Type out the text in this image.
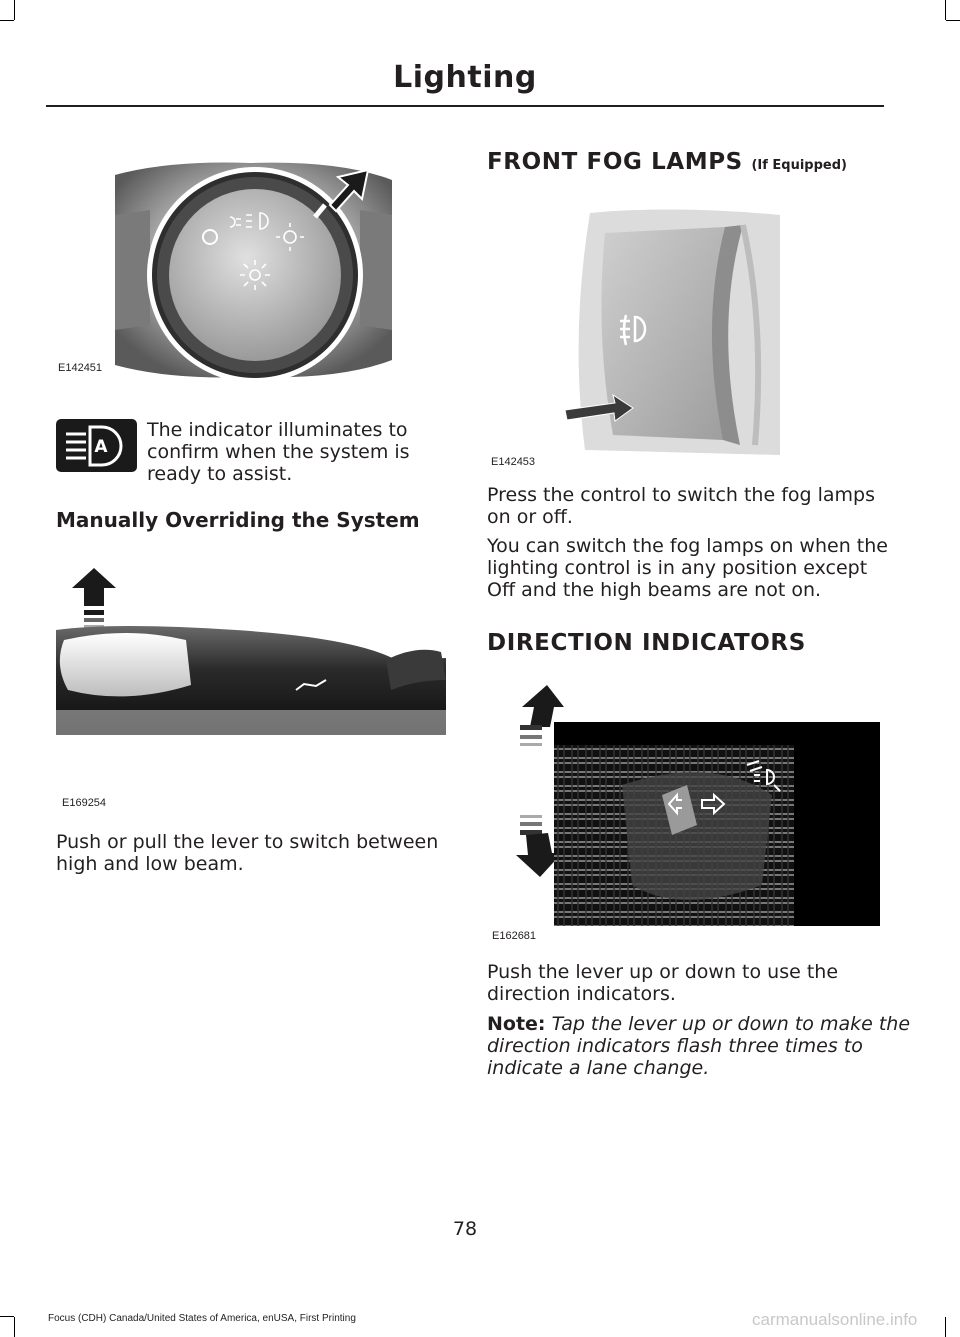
Lighting
E142451
A
The indicator illuminates to
confirm when the system is
ready to assist.
Manually Overriding the System
E169254
Push or pull the lever to switch between
high and low beam.
FRONT FOG LAMPS (If Equipped)
E142453
Press the control to switch the fog lamps
on or off.
You can switch the fog lamps on when the
lighting control is in any position except
Off and the high beams are not on.
DIRECTION INDICATORS
E162681
Push the lever up or down to use the
direction indicators.
Note: Tap the lever up or down to make the
direction indicators flash three times to
indicate a lane change.
78
Focus (CDH) Canada/United States of America, enUSA, First Printing	carmanualsonline.info
